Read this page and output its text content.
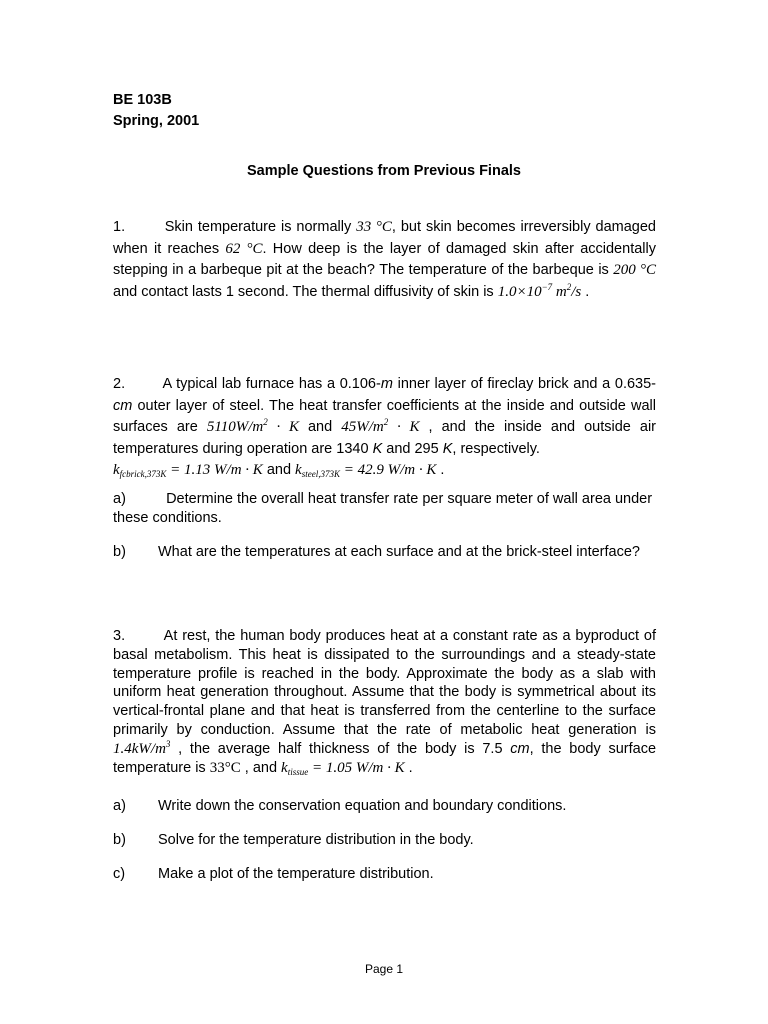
BE 103B
Spring, 2001
Sample Questions from Previous Finals
1.	Skin temperature is normally 33 °C, but skin becomes irreversibly damaged when it reaches 62 °C. How deep is the layer of damaged skin after accidentally stepping in a barbeque pit at the beach? The temperature of the barbeque is 200 °C and contact lasts 1 second. The thermal diffusivity of skin is $1.0\times 10^{-7}$ $m^2/s$ .
2.	A typical lab furnace has a 0.106-m inner layer of fireclay brick and a 0.635-cm outer layer of steel. The heat transfer coefficients at the inside and outside wall surfaces are $5110W/m^2 \cdot K$ and $45W/m^2 \cdot K$ , and the inside and outside air temperatures during operation are 1340 K and 295 K, respectively.
$k_{fcbrick,373K} = 1.13$ W/m · K and $k_{steel,373K} = 42.9$ W/m · K .
a)	Determine the overall heat transfer rate per square meter of wall area under these conditions.
b) What are the temperatures at each surface and at the brick-steel interface?
3.	At rest, the human body produces heat at a constant rate as a byproduct of basal metabolism. This heat is dissipated to the surroundings and a steady-state temperature profile is reached in the body. Approximate the body as a slab with uniform heat generation throughout. Assume that the body is symmetrical about its vertical-frontal plane and that heat is transferred from the centerline to the surface primarily by conduction. Assume that the rate of metabolic heat generation is $1.4kW/m^3$ , the average half thickness of the body is 7.5 cm, the body surface temperature is 33°C , and $k_{tissue} = 1.05$ W/m · K .
a) Write down the conservation equation and boundary conditions.
b) Solve for the temperature distribution in the body.
c) Make a plot of the temperature distribution.
Page 1
